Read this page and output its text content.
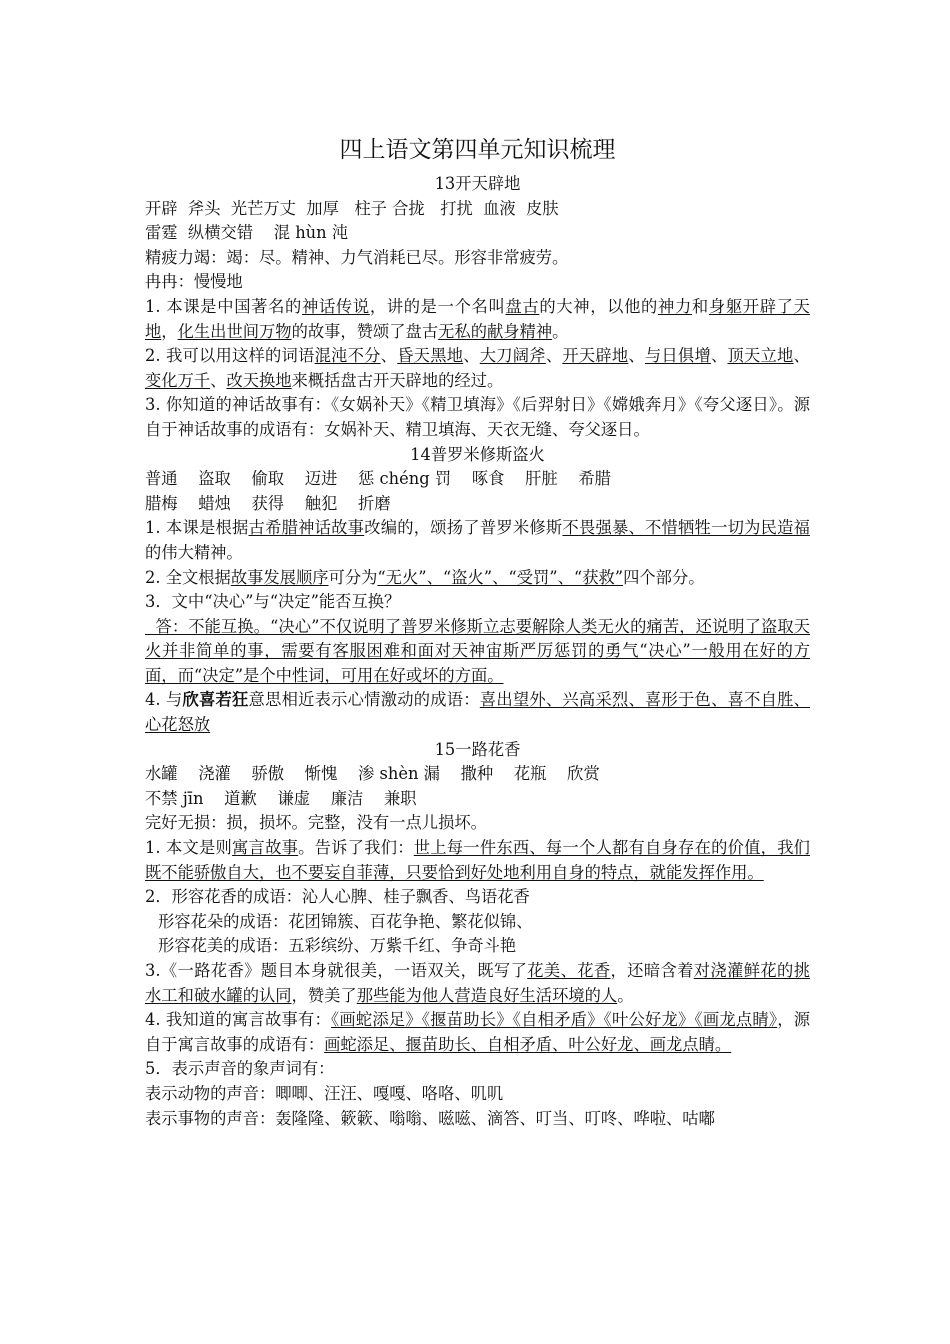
四上语文第四单元知识梳理
13开天辟地
开辟  斧头  光芒万丈  加厚   柱子 合拢   打扰  血液  皮肤
雷霆  纵横交错    混 hùn 沌
精疲力竭：竭：尽。精神、力气消耗已尽。形容非常疲劳。
冉冉：慢慢地
1. 本课是中国著名的神话传说，讲的是一个名叫盘古的大神，以他的神力和身躯开辟了天地，化生出世间万物的故事，赞颂了盘古无私的献身精神。
2. 我可以用这样的词语混沌不分、昏天黑地、大刀阔斧、开天辟地、与日俱增、顶天立地、变化万千、改天换地来概括盘古开天辟地的经过。
3. 你知道的神话故事有：《女娲补天》《精卫填海》《后羿射日》《嫦娥奔月》《夸父逐日》。源自于神话故事的成语有：女娲补天、精卫填海、天衣无缝、夸父逐日。
14普罗米修斯盗火
普通    盗取    偷取    迈进    惩 chéng 罚    啄食    肝脏    希腊
腊梅    蜡烛    获得    触犯    折磨
1. 本课是根据古希腊神话故事改编的，颂扬了普罗米修斯不畏强暴、不惜牺牲一切为民造福的伟大精神。
2. 全文根据故事发展顺序可分为“无火”、“盗火”、“受罚”、“获救”四个部分。
3．文中“决心”与“决定”能否互换？
答：不能互换。“决心”不仅说明了普罗米修斯立志要解除人类无火的痛苦，还说明了盗取天火并非简单的事，需要有客服困难和面对天神宙斯严厉惩罚的勇气“决心”一般用在好的方面，而“决定”是个中性词，可用在好或坏的方面。
4. 与欣喜若狂意思相近表示心情激动的成语：喜出望外、兴高采烈、喜形于色、喜不自胜、心花怒放
15一路花香
水罐    浇灌    骄傲    惭愧    渗 shèn 漏    撒种    花瓶    欣赏
不禁 jīn    道歉    谦虚    廉洁    兼职
完好无损：损，损坏。完整，没有一点儿损坏。
1. 本文是则寓言故事。告诉了我们：世上每一件东西、每一个人都有自身存在的价值，我们既不能骄傲自大，也不要妄自菲薄，只要恰到好处地利用自身的特点，就能发挥作用。
2．形容花香的成语：沁人心脾、桂子飘香、鸟语花香
形容花朵的成语：花团锦簇、百花争艳、繁花似锦、
形容花美的成语：五彩缤纷、万紫千红、争奇斗艳
3.《一路花香》题目本身就很美，一语双关，既写了花美、花香，还暗含着对浇灌鲜花的挑水工和破水罐的认同，赞美了那些能为他人营造良好生活环境的人。
4. 我知道的寓言故事有：《画蛇添足》《揠苗助长》《自相矛盾》《叶公好龙》《画龙点睛》，源自于寓言故事的成语有：画蛇添足、揠苗助长、自相矛盾、叶公好龙、画龙点睛。
5．表示声音的象声词有：
表示动物的声音：唧唧、汪汪、嘎嘎、咯咯、叽叽
表示事物的声音：轰隆隆、簌簌、嗡嗡、嗞嗞、滴答、叮当、叮咚、哗啦、咕嘟
